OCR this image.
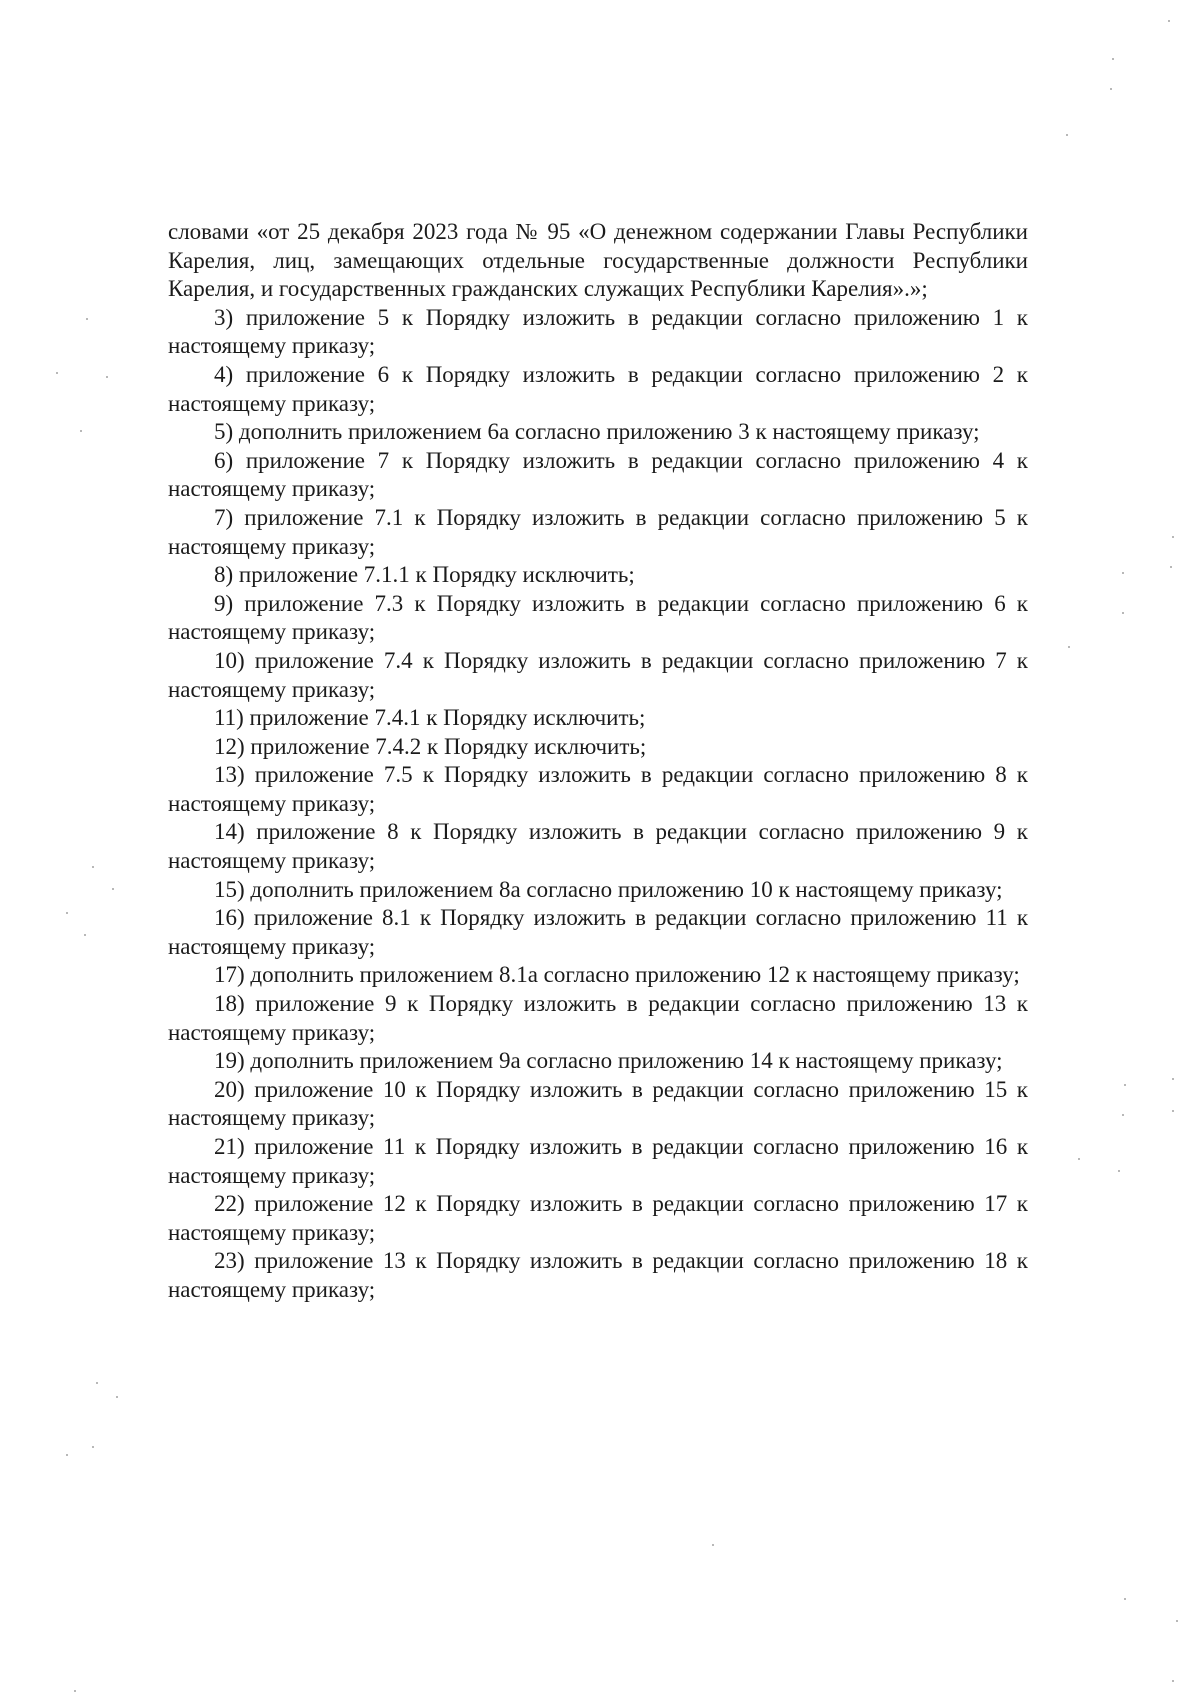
словами «от 25 декабря 2023 года № 95 «О денежном содержании Главы Республики Карелия, лиц, замещающих отдельные государственные должности Республики Карелия, и государственных гражданских служащих Республики Карелия».»;

3) приложение 5 к Порядку изложить в редакции согласно приложению 1 к настоящему приказу;

4) приложение 6 к Порядку изложить в редакции согласно приложению 2 к настоящему приказу;

5) дополнить приложением 6а согласно приложению 3 к настоящему приказу;

6) приложение 7 к Порядку изложить в редакции согласно приложению 4 к настоящему приказу;

7) приложение 7.1 к Порядку изложить в редакции согласно приложению 5 к настоящему приказу;

8) приложение 7.1.1 к Порядку исключить;

9) приложение 7.3 к Порядку изложить в редакции согласно приложению 6 к настоящему приказу;

10) приложение 7.4 к Порядку изложить в редакции согласно приложению 7 к настоящему приказу;

11) приложение 7.4.1 к Порядку исключить;

12) приложение 7.4.2 к Порядку исключить;

13) приложение 7.5 к Порядку изложить в редакции согласно приложению 8 к настоящему приказу;

14) приложение 8 к Порядку изложить в редакции согласно приложению 9 к настоящему приказу;

15) дополнить приложением 8а согласно приложению 10 к настоящему приказу;

16) приложение 8.1 к Порядку изложить в редакции согласно приложению 11 к настоящему приказу;

17) дополнить приложением 8.1а согласно приложению 12 к настоящему приказу;

18) приложение 9 к Порядку изложить в редакции согласно приложению 13 к настоящему приказу;

19) дополнить приложением 9а согласно приложению 14 к настоящему приказу;

20) приложение 10 к Порядку изложить в редакции согласно приложению 15 к настоящему приказу;

21) приложение 11 к Порядку изложить в редакции согласно приложению 16 к настоящему приказу;

22) приложение 12 к Порядку изложить в редакции согласно приложению 17 к настоящему приказу;

23) приложение 13 к Порядку изложить в редакции согласно приложению 18 к настоящему приказу;
